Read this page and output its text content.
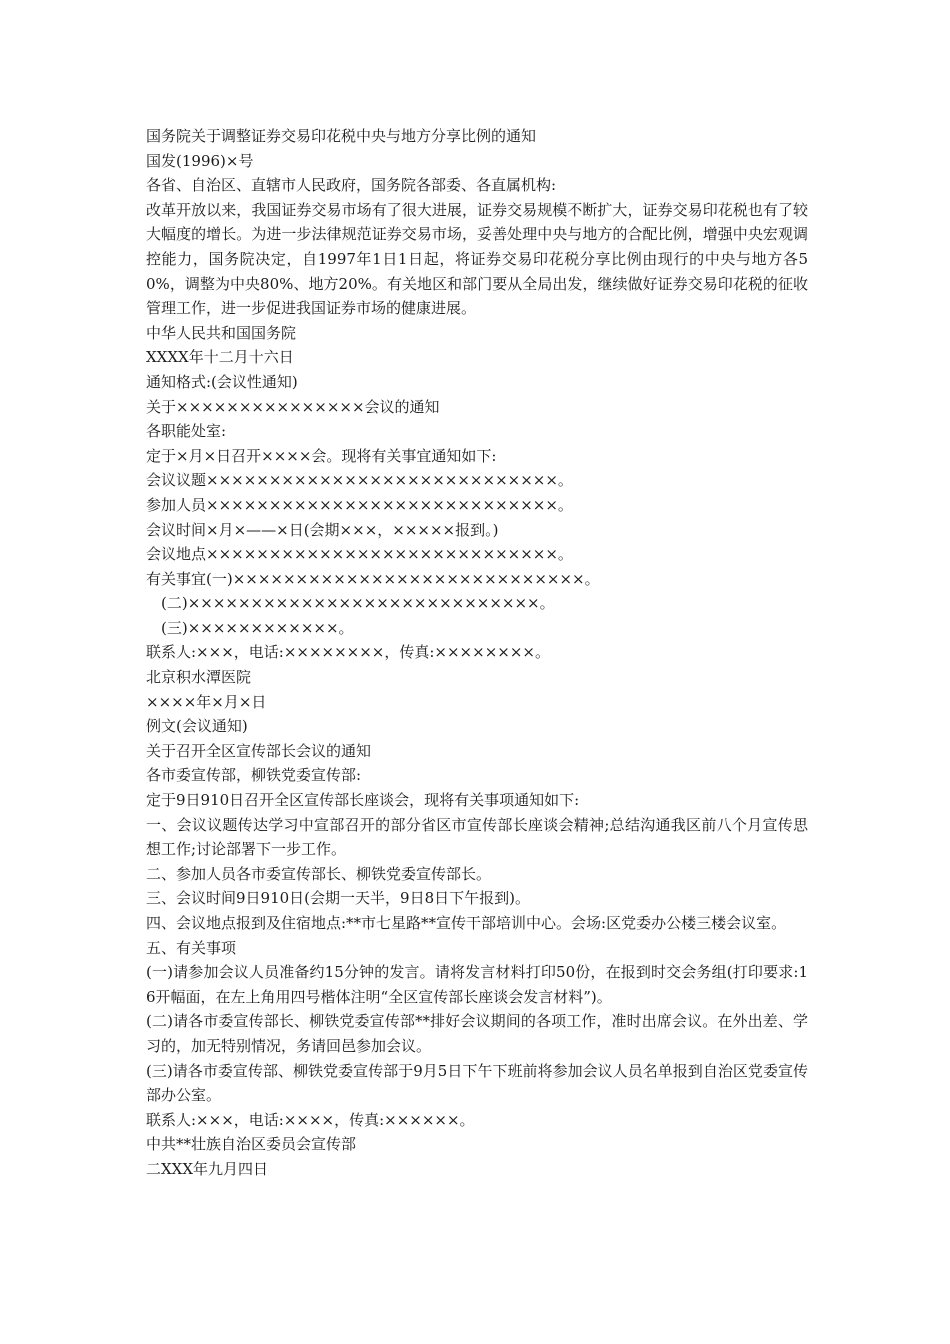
国务院关于调整证券交易印花税中央与地方分享比例的通知

国发(1996)×号

各省、自治区、直辖市人民政府，国务院各部委、各直属机构:

改革开放以来，我国证券交易市场有了很大进展，证券交易规模不断扩大，证券交易印花税也有了较大幅度的增长。为进一步法律规范证券交易市场，妥善处理中央与地方的合配比例，增强中央宏观调控能力，国务院决定，自1997年1日1日起，将证券交易印花税分享比例由现行的中央与地方各50%，调整为中央80%、地方20%。有关地区和部门要从全局出发，继续做好证券交易印花税的征收管理工作，进一步促进我国证券市场的健康进展。

中华人民共和国国务院

XXXX年十二月十六日

通知格式:(会议性通知)

关于×××××××××××××××会议的通知

各职能处室:

定于×月×日召开××××会。现将有关事宜通知如下:

会议议题××××××××××××××××××××××××××××。

参加人员××××××××××××××××××××××××××××。

会议时间×月×——×日(会期×××，×××××报到。)

会议地点××××××××××××××××××××××××××××。

有关事宜(一)××××××××××××××××××××××××××××。

(二)××××××××××××××××××××××××××××。

(三)××××××××××××。

联系人:×××，电话:××××××××，传真:××××××××。

北京积水潭医院

××××年×月×日

例文(会议通知)

关于召开全区宣传部长会议的通知

各市委宣传部，柳铁党委宣传部:

定于9日910日召开全区宣传部长座谈会，现将有关事项通知如下:

一、会议议题传达学习中宣部召开的部分省区市宣传部长座谈会精神;总结沟通我区前八个月宣传思想工作;讨论部署下一步工作。

二、参加人员各市委宣传部长、柳铁党委宣传部长。

三、会议时间9日910日(会期一天半，9日8日下午报到)。

四、会议地点报到及住宿地点:**市七星路**宣传干部培训中心。会场:区党委办公楼三楼会议室。

五、有关事项

(一)请参加会议人员准备约15分钟的发言。请将发言材料打印50份，在报到时交会务组(打印要求:16开幅面，在左上角用四号楷体注明“全区宣传部长座谈会发言材料”)。

(二)请各市委宣传部长、柳铁党委宣传部**排好会议期间的各项工作，准时出席会议。在外出差、学习的，加无特别情况，务请回邑参加会议。

(三)请各市委宣传部、柳铁党委宣传部于9月5日下午下班前将参加会议人员名单报到自治区党委宣传部办公室。

联系人:×××，电话:××××，传真:××××××。

中共**壮族自治区委员会宣传部

二XXX年九月四日
